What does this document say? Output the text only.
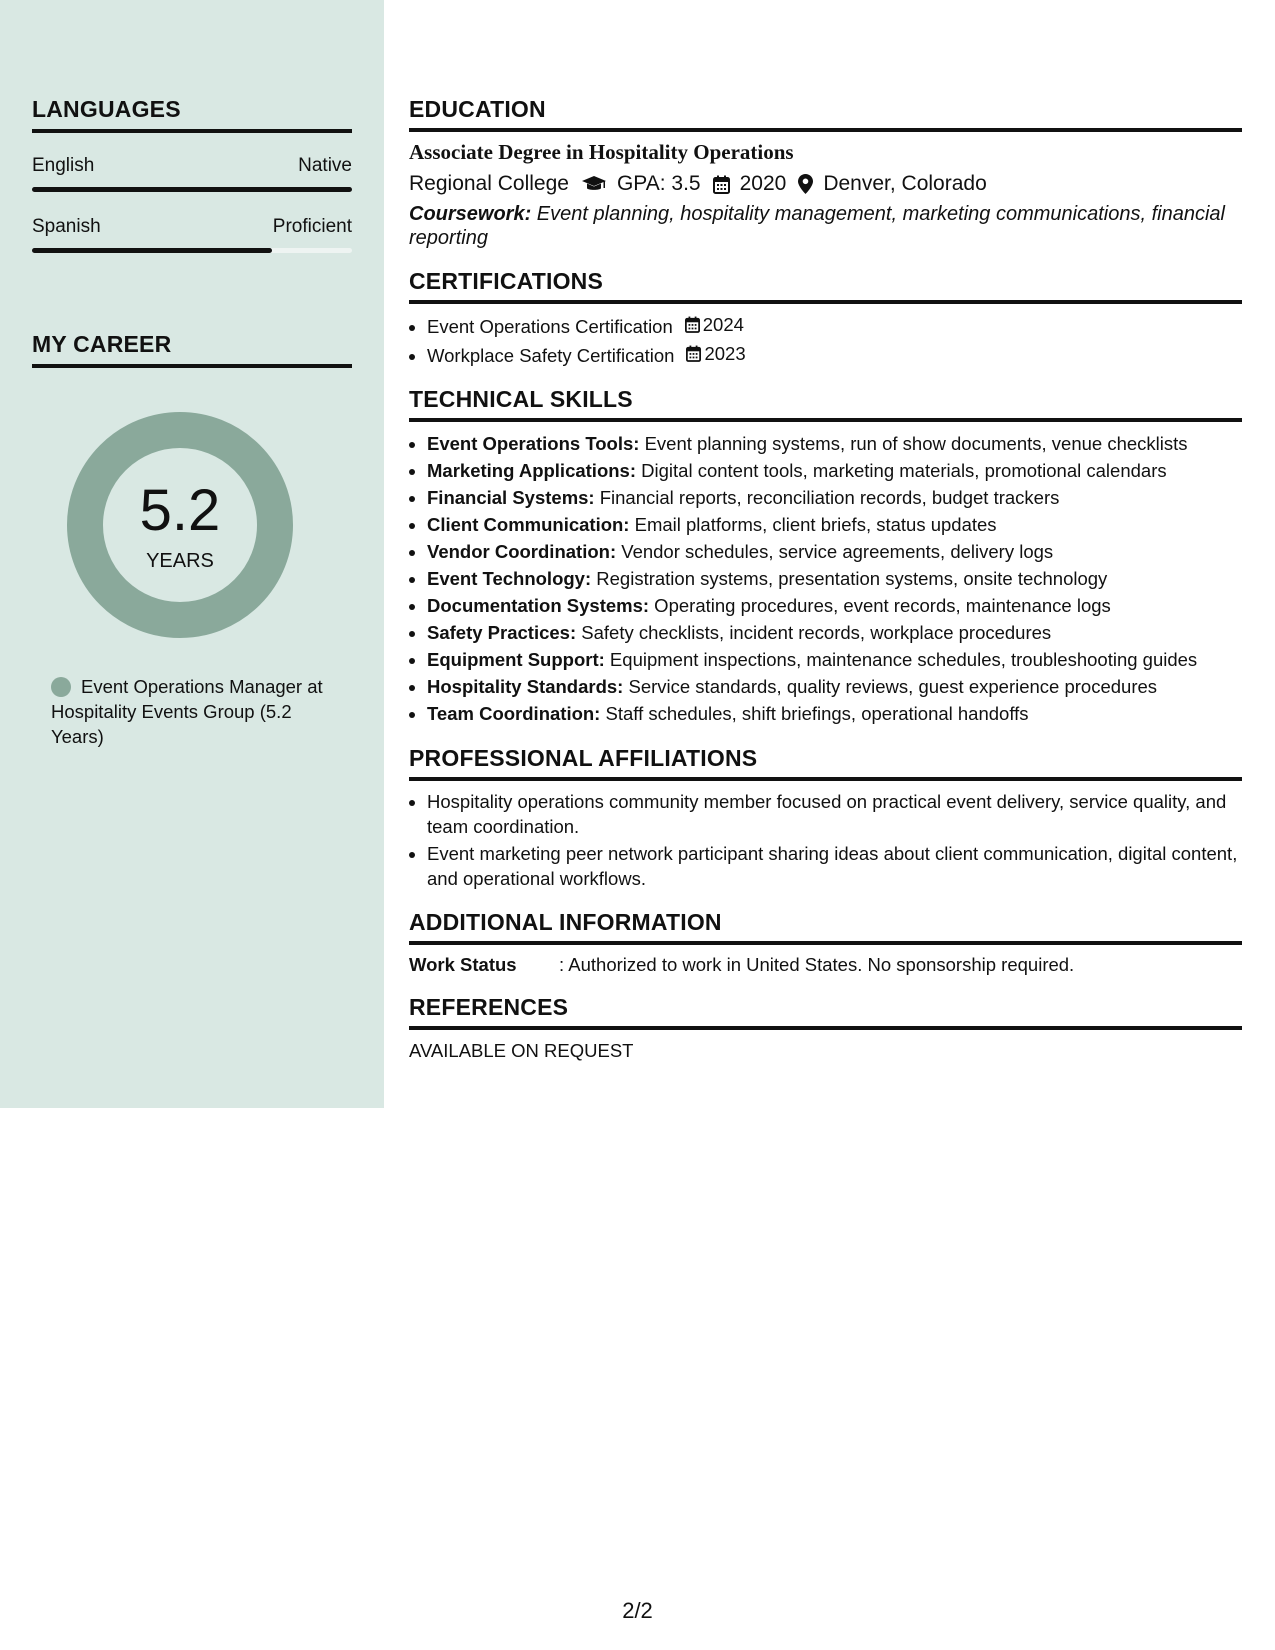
LANGUAGES
English	Native
Spanish	Proficient
MY CAREER
5.2
YEARS
Event Operations Manager at Hospitality Events Group (5.2 Years)
EDUCATION
Associate Degree in Hospitality Operations
Regional College GPA: 3.5 2020 Denver, Colorado
Coursework: Event planning, hospitality management, marketing communications, financial reporting
CERTIFICATIONS
• Event Operations Certification 2024
• Workplace Safety Certification 2023
TECHNICAL SKILLS
• Event Operations Tools: Event planning systems, run of show documents, venue checklists
• Marketing Applications: Digital content tools, marketing materials, promotional calendars
• Financial Systems: Financial reports, reconciliation records, budget trackers
• Client Communication: Email platforms, client briefs, status updates
• Vendor Coordination: Vendor schedules, service agreements, delivery logs
• Event Technology: Registration systems, presentation systems, onsite technology
• Documentation Systems: Operating procedures, event records, maintenance logs
• Safety Practices: Safety checklists, incident records, workplace procedures
• Equipment Support: Equipment inspections, maintenance schedules, troubleshooting guides
• Hospitality Standards: Service standards, quality reviews, guest experience procedures
• Team Coordination: Staff schedules, shift briefings, operational handoffs
PROFESSIONAL AFFILIATIONS
• Hospitality operations community member focused on practical event delivery, service quality, and team coordination.
• Event marketing peer network participant sharing ideas about client communication, digital content, and operational workflows.
ADDITIONAL INFORMATION
Work Status	: Authorized to work in United States. No sponsorship required.
REFERENCES
AVAILABLE ON REQUEST
2/2
